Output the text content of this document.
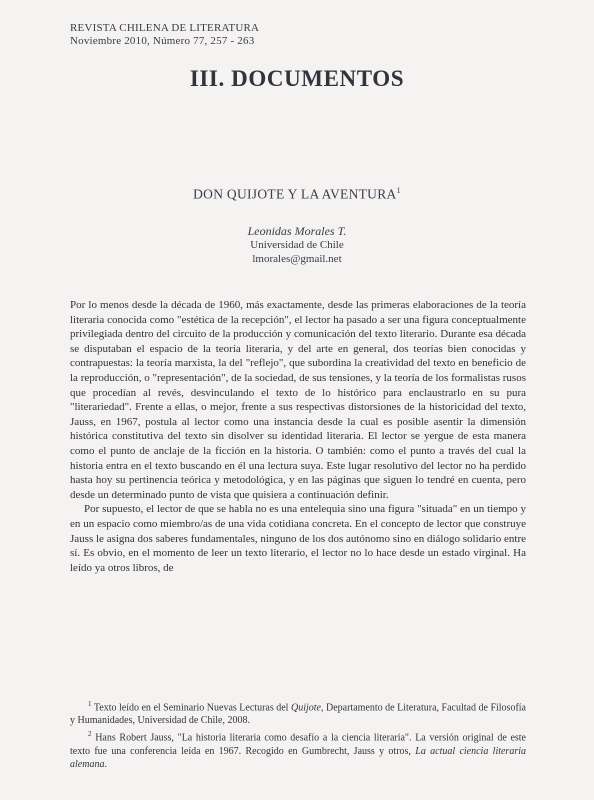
REVISTA CHILENA DE LITERATURA
Noviembre 2010, Número 77, 257 - 263
III. DOCUMENTOS
DON QUIJOTE Y LA AVENTURA$^1$
Leonidas Morales T.
Universidad de Chile
lmorales@gmail.net

Por lo menos desde la década de 1960, más exactamente, desde las primeras elaboraciones de la teoría literaria conocida como "estética de la recepción", el lector ha pasado a ser una figura conceptualmente privilegiada dentro del circuito de la producción y comunicación del texto literario. Durante esa década se disputaban el espacio de la teoría literaria, y del arte en general, dos teorías bien conocidas y contrapuestas: la teoría marxista, la del "reflejo", que subordina la creatividad del texto en beneficio de la reproducción, o "representación", de la sociedad, de sus tensiones, y la teoría de los formalistas rusos que procedían al revés, desvinculando el texto de lo histórico para enclaustrarlo en su pura "literariedad". Frente a ellas, o mejor, frente a sus respectivas distorsiones de la historicidad del texto, Jauss, en 1967, postula al lector como una instancia desde la cual es posible asentir la dimensión histórica constitutiva del texto sin disolver su identidad literaria. El lector se yergue de esta manera como el punto de anclaje de la ficción en la historia. O también: como el punto a través del cual la historia entra en el texto buscando en él una lectura suya. Este lugar resolutivo del lector no ha perdido hasta hoy su pertinencia teórica y metodológica, y en las páginas que siguen lo tendré en cuenta, pero desde un determinado punto de vista que quisiera a continuación definir.

Por supuesto, el lector de que se habla no es una entelequia sino una figura "situada" en un tiempo y en un espacio como miembro/as de una vida cotidiana concreta. En el concepto de lector que construye Jauss le asigna dos saberes fundamentales, ninguno de los dos autónomo sino en diálogo solidario entre sí. Es obvio, en el momento de leer un texto literario, el lector no lo hace desde un estado virginal. Ha leído ya otros libros, de

$^1$ Texto leído en el Seminario Nuevas Lecturas del Quijote, Departamento de Literatura, Facultad de Filosofía y Humanidades, Universidad de Chile, 2008.

$^2$ Hans Robert Jauss, "La historia literaria como desafío a la ciencia literaria". La versión original de este texto fue una conferencia leída en 1967. Recogido en Gumbrecht, Jauss y otros, La actual ciencia literaria alemana.
